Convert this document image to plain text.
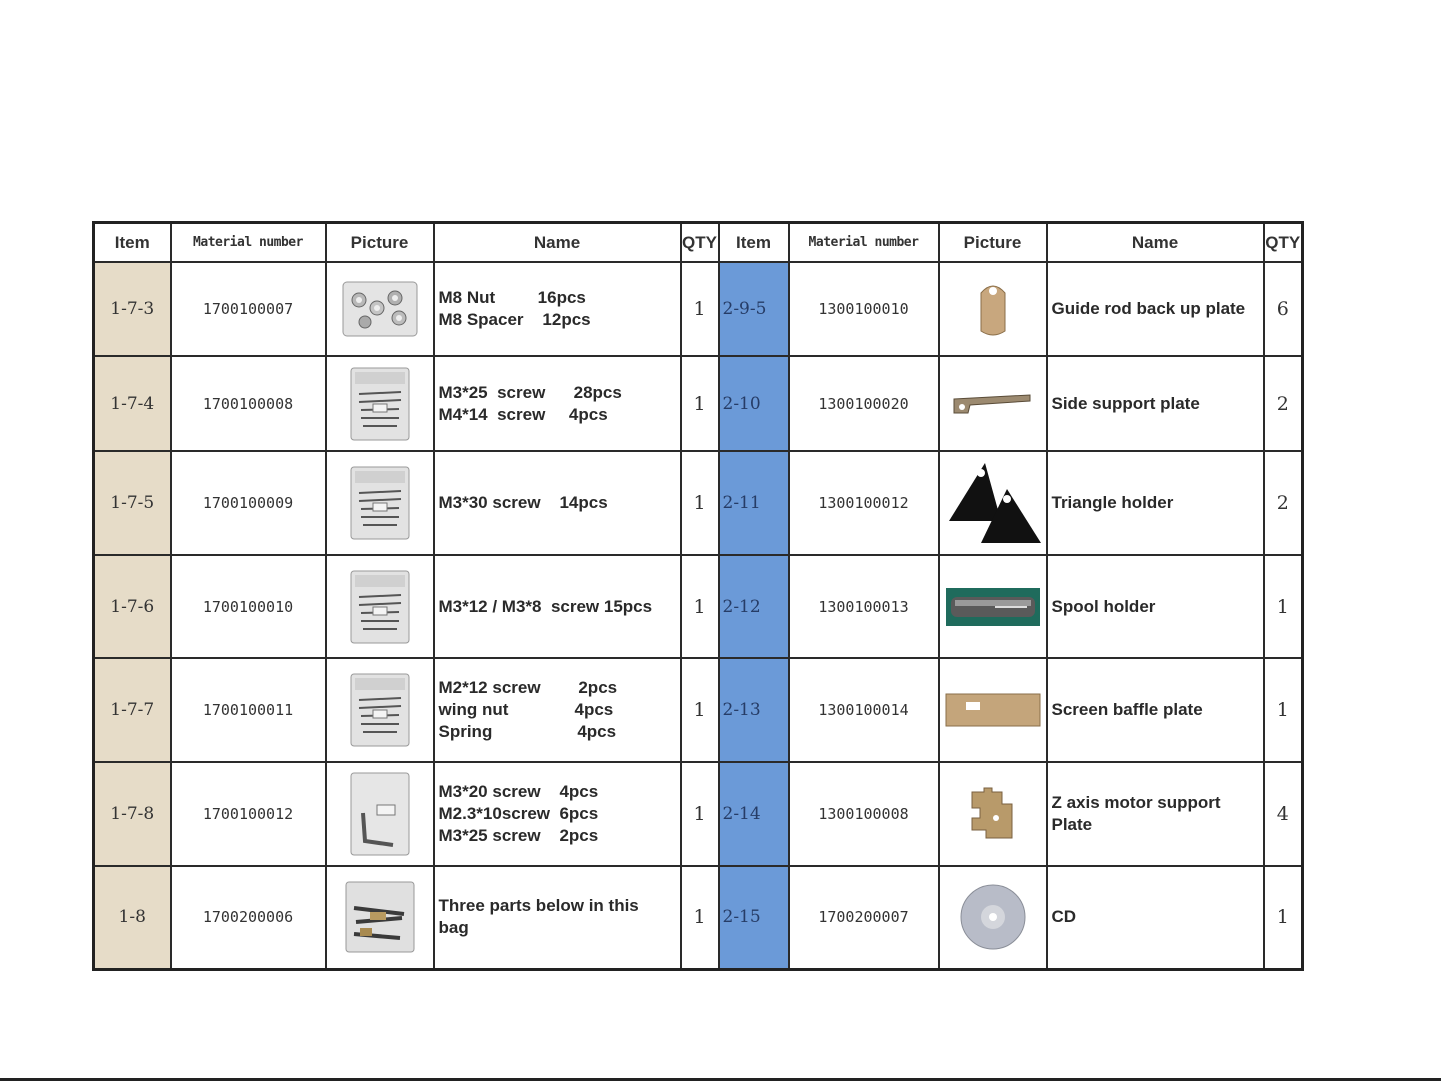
Item	Material number	Picture	Name	QTY	Item	Material number	Picture	Name	QTY
1-7-3	1700100007		M8 Nut         16pcs
M8 Spacer    12pcs	1	2-9-5	1300100010		Guide rod back up plate	6
1-7-4	1700100008		M3*25  screw      28pcs
M4*14  screw     4pcs	1	2-10	1300100020		Side support plate	2
1-7-5	1700100009		M3*30 screw    14pcs	1	2-11	1300100012		Triangle holder	2
1-7-6	1700100010		M3*12 / M3*8  screw 15pcs	1	2-12	1300100013		Spool holder	1
1-7-7	1700100011		M2*12 screw        2pcs
wing nut              4pcs
Spring                  4pcs	1	2-13	1300100014		Screen baffle plate	1
1-7-8	1700100012		M3*20 screw    4pcs
M2.3*10screw  6pcs
M3*25 screw    2pcs	1	2-14	1300100008		Z axis motor support
Plate	4
1-8	1700200006		Three parts below in this
bag	1	2-15	1700200007		CD	1
